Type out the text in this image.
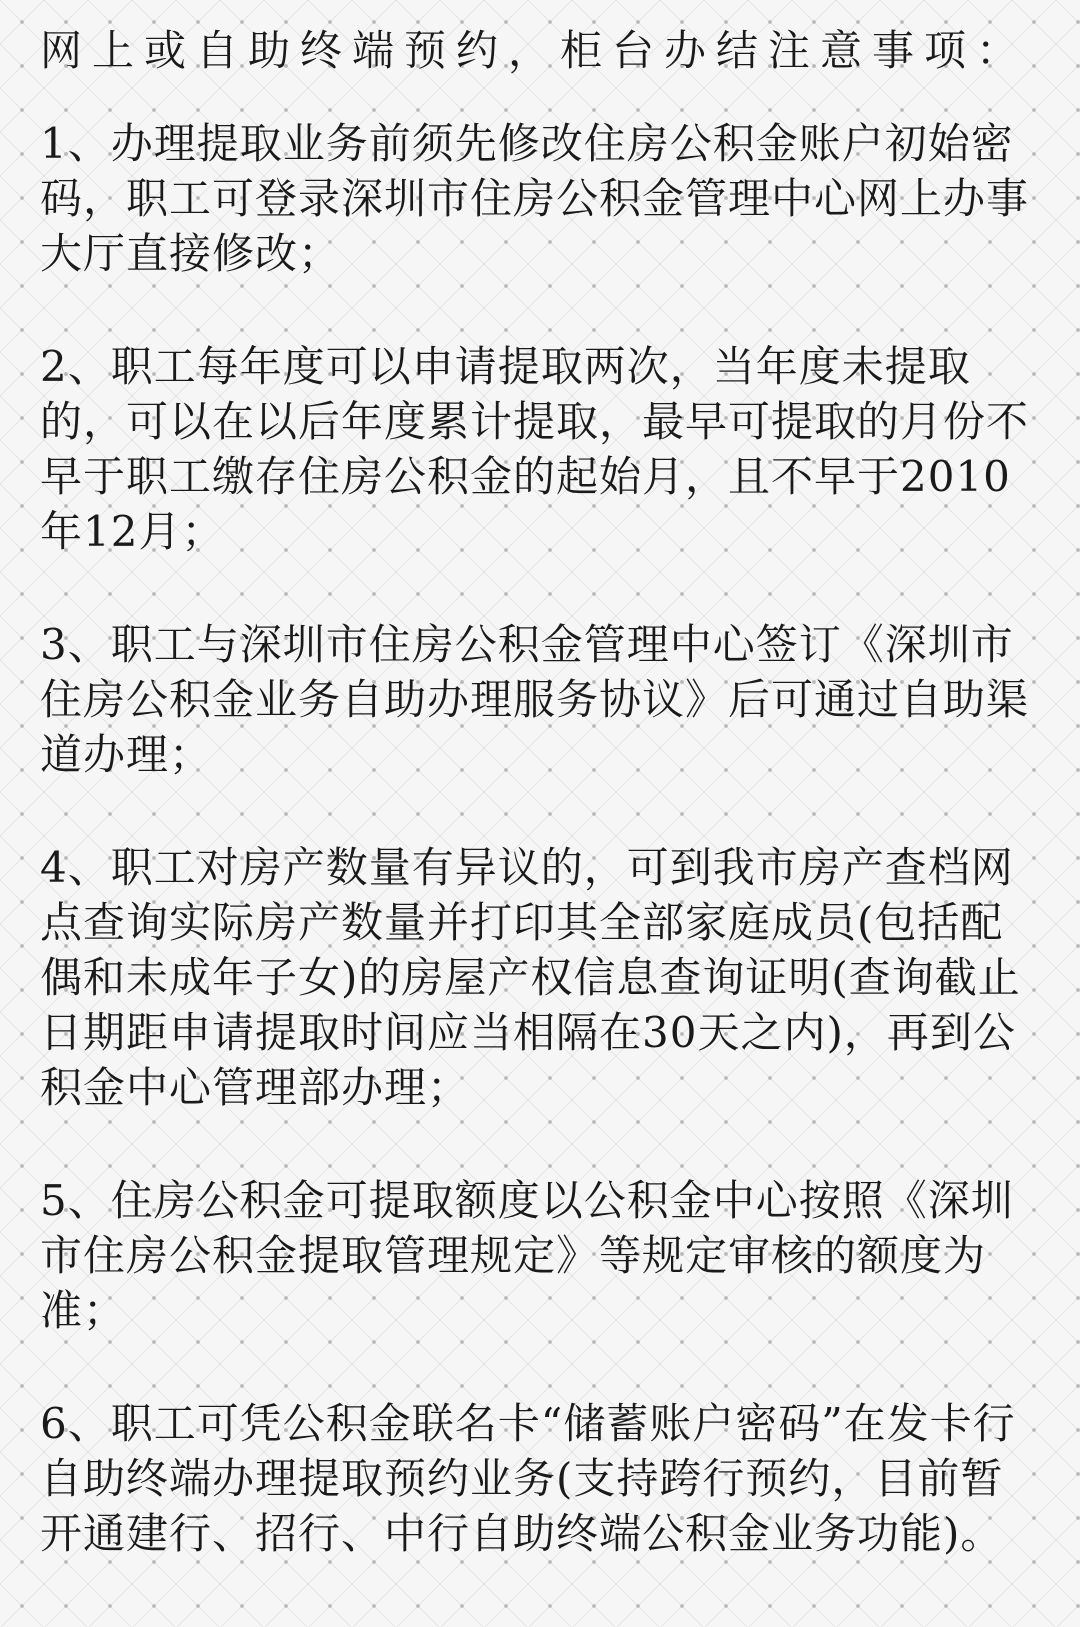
网上或自助终端预约，柜台办结注意事项：

1、办理提取业务前须先修改住房公积金账户初始密码，职工可登录深圳市住房公积金管理中心网上办事大厅直接修改；

2、职工每年度可以申请提取两次，当年度未提取的，可以在以后年度累计提取，最早可提取的月份不早于职工缴存住房公积金的起始月，且不早于2010年12月；

3、职工与深圳市住房公积金管理中心签订《深圳市住房公积金业务自助办理服务协议》后可通过自助渠道办理；

4、职工对房产数量有异议的，可到我市房产查档网点查询实际房产数量并打印其全部家庭成员(包括配偶和未成年子女)的房屋产权信息查询证明(查询截止日期距申请提取时间应当相隔在30天之内)，再到公积金中心管理部办理；

5、住房公积金可提取额度以公积金中心按照《深圳市住房公积金提取管理规定》等规定审核的额度为准；

6、职工可凭公积金联名卡“储蓄账户密码”在发卡行自助终端办理提取预约业务(支持跨行预约，目前暂开通建行、招行、中行自助终端公积金业务功能)。
